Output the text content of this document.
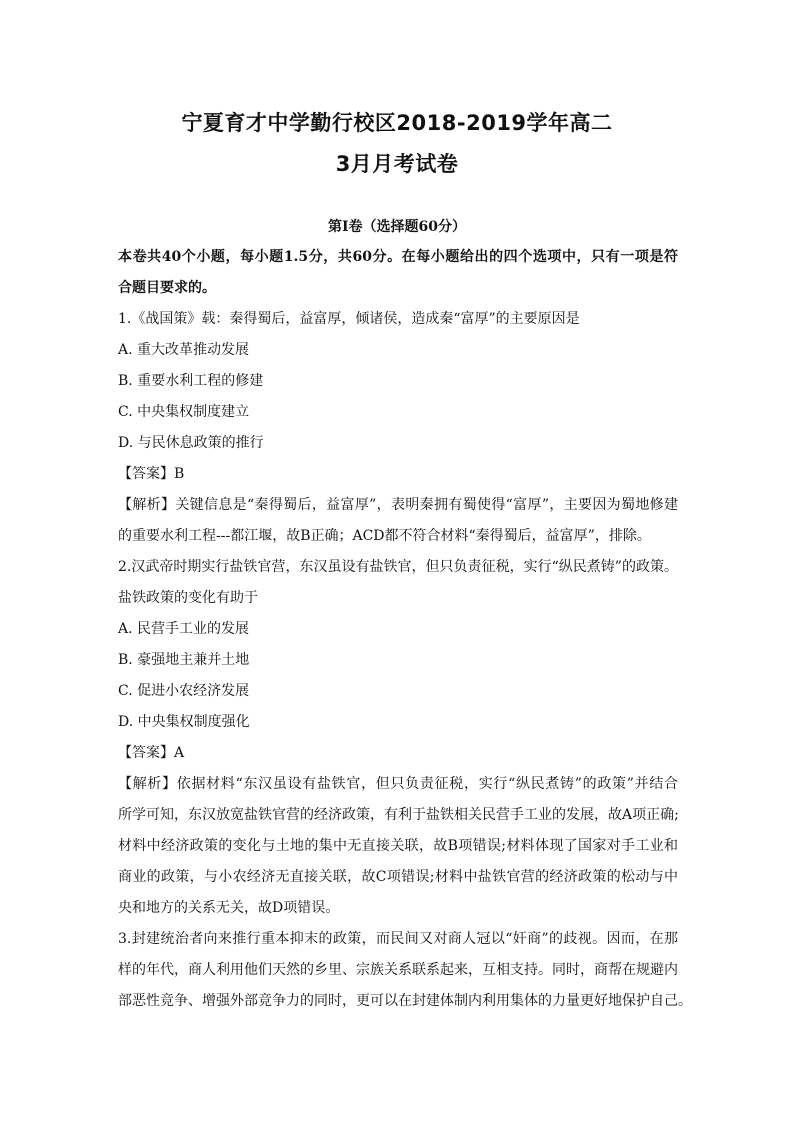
宁夏育才中学勤行校区2018-2019学年高二
3月月考试卷
第Ⅰ卷（选择题60分）
本卷共40个小题，每小题1.5分，共60分。在每小题给出的四个选项中，只有一项是符
合题目要求的。
1.《战国策》载：秦得蜀后，益富厚，倾诸侯，造成秦“富厚”的主要原因是
A. 重大改革推动发展
B. 重要水利工程的修建
C. 中央集权制度建立
D. 与民休息政策的推行
【答案】B
【解析】关键信息是“秦得蜀后，益富厚”，表明秦拥有蜀使得“富厚”，主要因为蜀地修建
的重要水利工程---都江堰，故B正确；ACD都不符合材料“秦得蜀后，益富厚”，排除。
2.汉武帝时期实行盐铁官营，东汉虽设有盐铁官，但只负责征税，实行“纵民煮铸”的政策。
盐铁政策的变化有助于
A. 民营手工业的发展
B. 豪强地主兼并土地
C. 促进小农经济发展
D. 中央集权制度强化
【答案】A
【解析】依据材料“东汉虽设有盐铁官，但只负责征税，实行“纵民煮铸”的政策”并结合
所学可知，东汉放宽盐铁官营的经济政策，有利于盐铁相关民营手工业的发展，故A项正确;
材料中经济政策的变化与土地的集中无直接关联，故B项错误;材料体现了国家对手工业和
商业的政策，与小农经济无直接关联，故C项错误;材料中盐铁官营的经济政策的松动与中
央和地方的关系无关，故D项错误。
3.封建统治者向来推行重本抑末的政策，而民间又对商人冠以“奸商”的歧视。因而，在那
样的年代，商人利用他们天然的乡里、宗族关系联系起来，互相支持。同时，商帮在规避内
部恶性竞争、增强外部竞争力的同时，更可以在封建体制内利用集体的力量更好地保护自己。
